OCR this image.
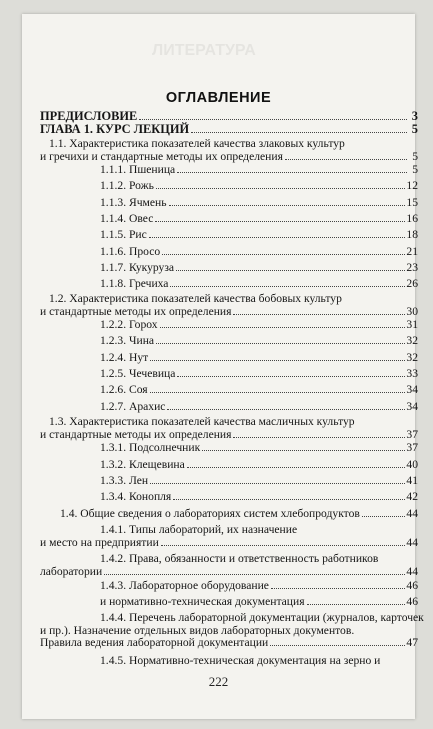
ЛИТЕРАТУРА
ОГЛАВЛЕНИЕ
ПРЕДИСЛОВИЕ	3
ГЛАВА 1. КУРС ЛЕКЦИЙ	5
1.1. Характеристика показателей качества злаковых культур
и гречихи и стандартные методы их определения	5
1.1.1. Пшеница	5
1.1.2. Рожь	12
1.1.3. Ячмень	15
1.1.4. Овес	16
1.1.5. Рис	18
1.1.6. Просо	21
1.1.7. Кукуруза	23
1.1.8. Гречиха	26
1.2. Характеристика показателей качества бобовых культур
и стандартные методы их определения	30
1.2.2. Горох	31
1.2.3. Чина	32
1.2.4. Нут	32
1.2.5. Чечевица	33
1.2.6. Соя	34
1.2.7. Арахис	34
1.3. Характеристика показателей качества масличных культур
и стандартные методы их определения	37
1.3.1. Подсолнечник	37
1.3.2. Клещевина	40
1.3.3. Лен	41
1.3.4. Конопля	42
1.4. Общие сведения о лабораториях систем хлебопродуктов	44
1.4.1. Типы лабораторий, их назначение
и место на предприятии	44
1.4.2. Права, обязанности и ответственность работников
лаборатории	44
1.4.3. Лабораторное оборудование	46
и нормативно-техническая документация	46
1.4.4. Перечень лабораторной документации (журналов, карточек
и пр.). Назначение отдельных видов лабораторных документов.
Правила ведения лабораторной документации	47
1.4.5. Нормативно-техническая документация на зерно и
222
